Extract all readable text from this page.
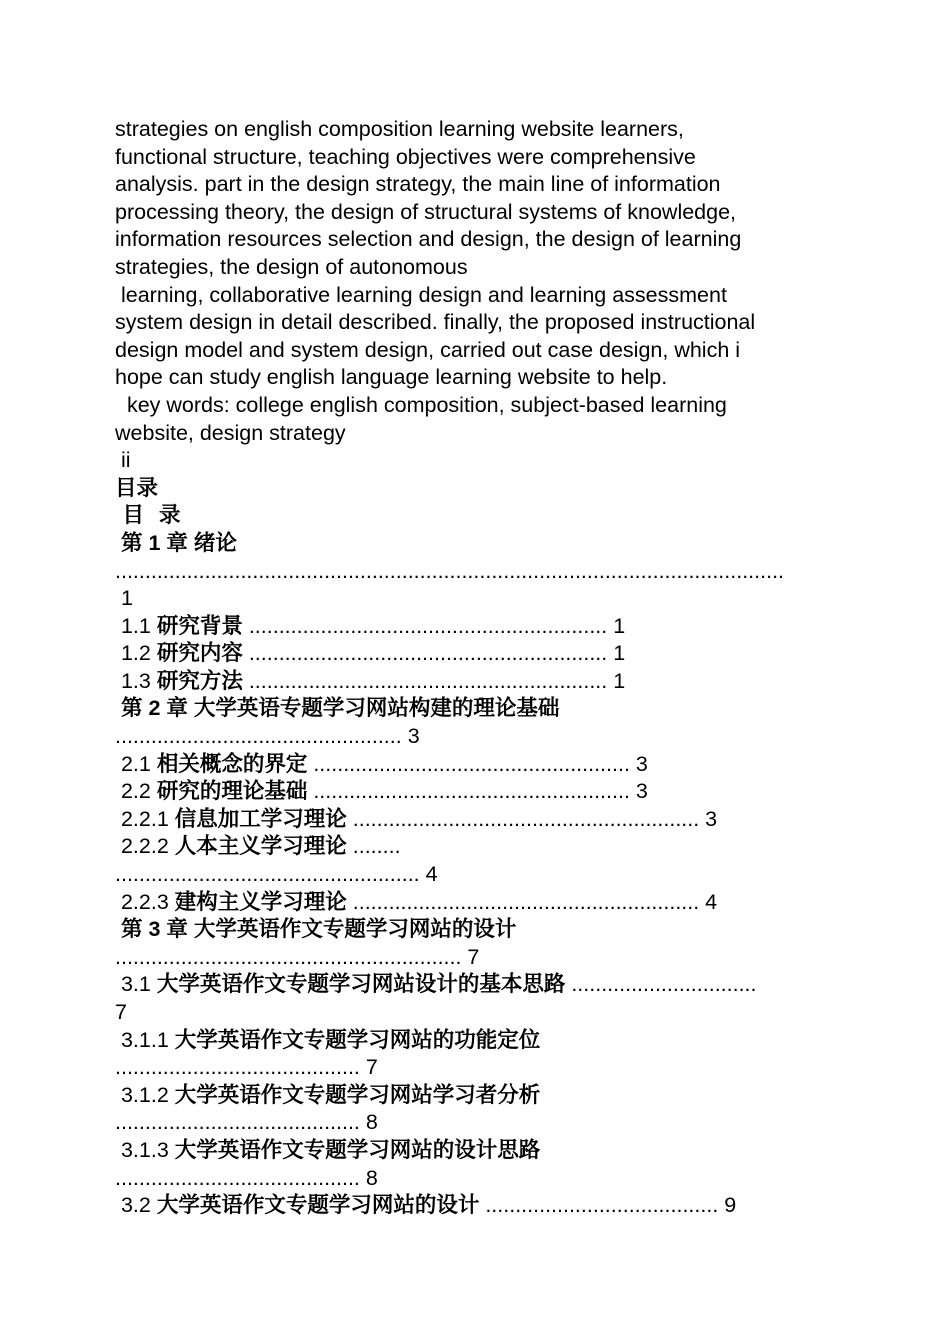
strategies on english composition learning website learners,
functional structure, teaching objectives were comprehensive
analysis. part in the design strategy, the main line of information
processing theory, the design of structural systems of knowledge,
information resources selection and design, the design of learning
strategies, the design of autonomous
learning, collaborative learning design and learning assessment
system design in detail described. finally, the proposed instructional
design model and system design, carried out case design, which i
hope can study english language learning website to help.
key words: college english composition, subject-based learning
website, design strategy
ii
目录
目  录
第 1 章 绪论
................................................................................................................
1
1.1 研究背景 ............................................................ 1
1.2 研究内容 ............................................................ 1
1.3 研究方法 ............................................................ 1
第 2 章 大学英语专题学习网站构建的理论基础
................................................ 3
2.1 相关概念的界定 ..................................................... 3
2.2 研究的理论基础 ..................................................... 3
2.2.1 信息加工学习理论 .......................................................... 3
2.2.2 人本主义学习理论 ........
................................................... 4
2.2.3 建构主义学习理论 .......................................................... 4
第 3 章 大学英语作文专题学习网站的设计
.......................................................... 7
3.1 大学英语作文专题学习网站设计的基本思路 ...............................
7
3.1.1 大学英语作文专题学习网站的功能定位
......................................... 7
3.1.2 大学英语作文专题学习网站学习者分析
......................................... 8
3.1.3 大学英语作文专题学习网站的设计思路
......................................... 8
3.2 大学英语作文专题学习网站的设计 ....................................... 9
